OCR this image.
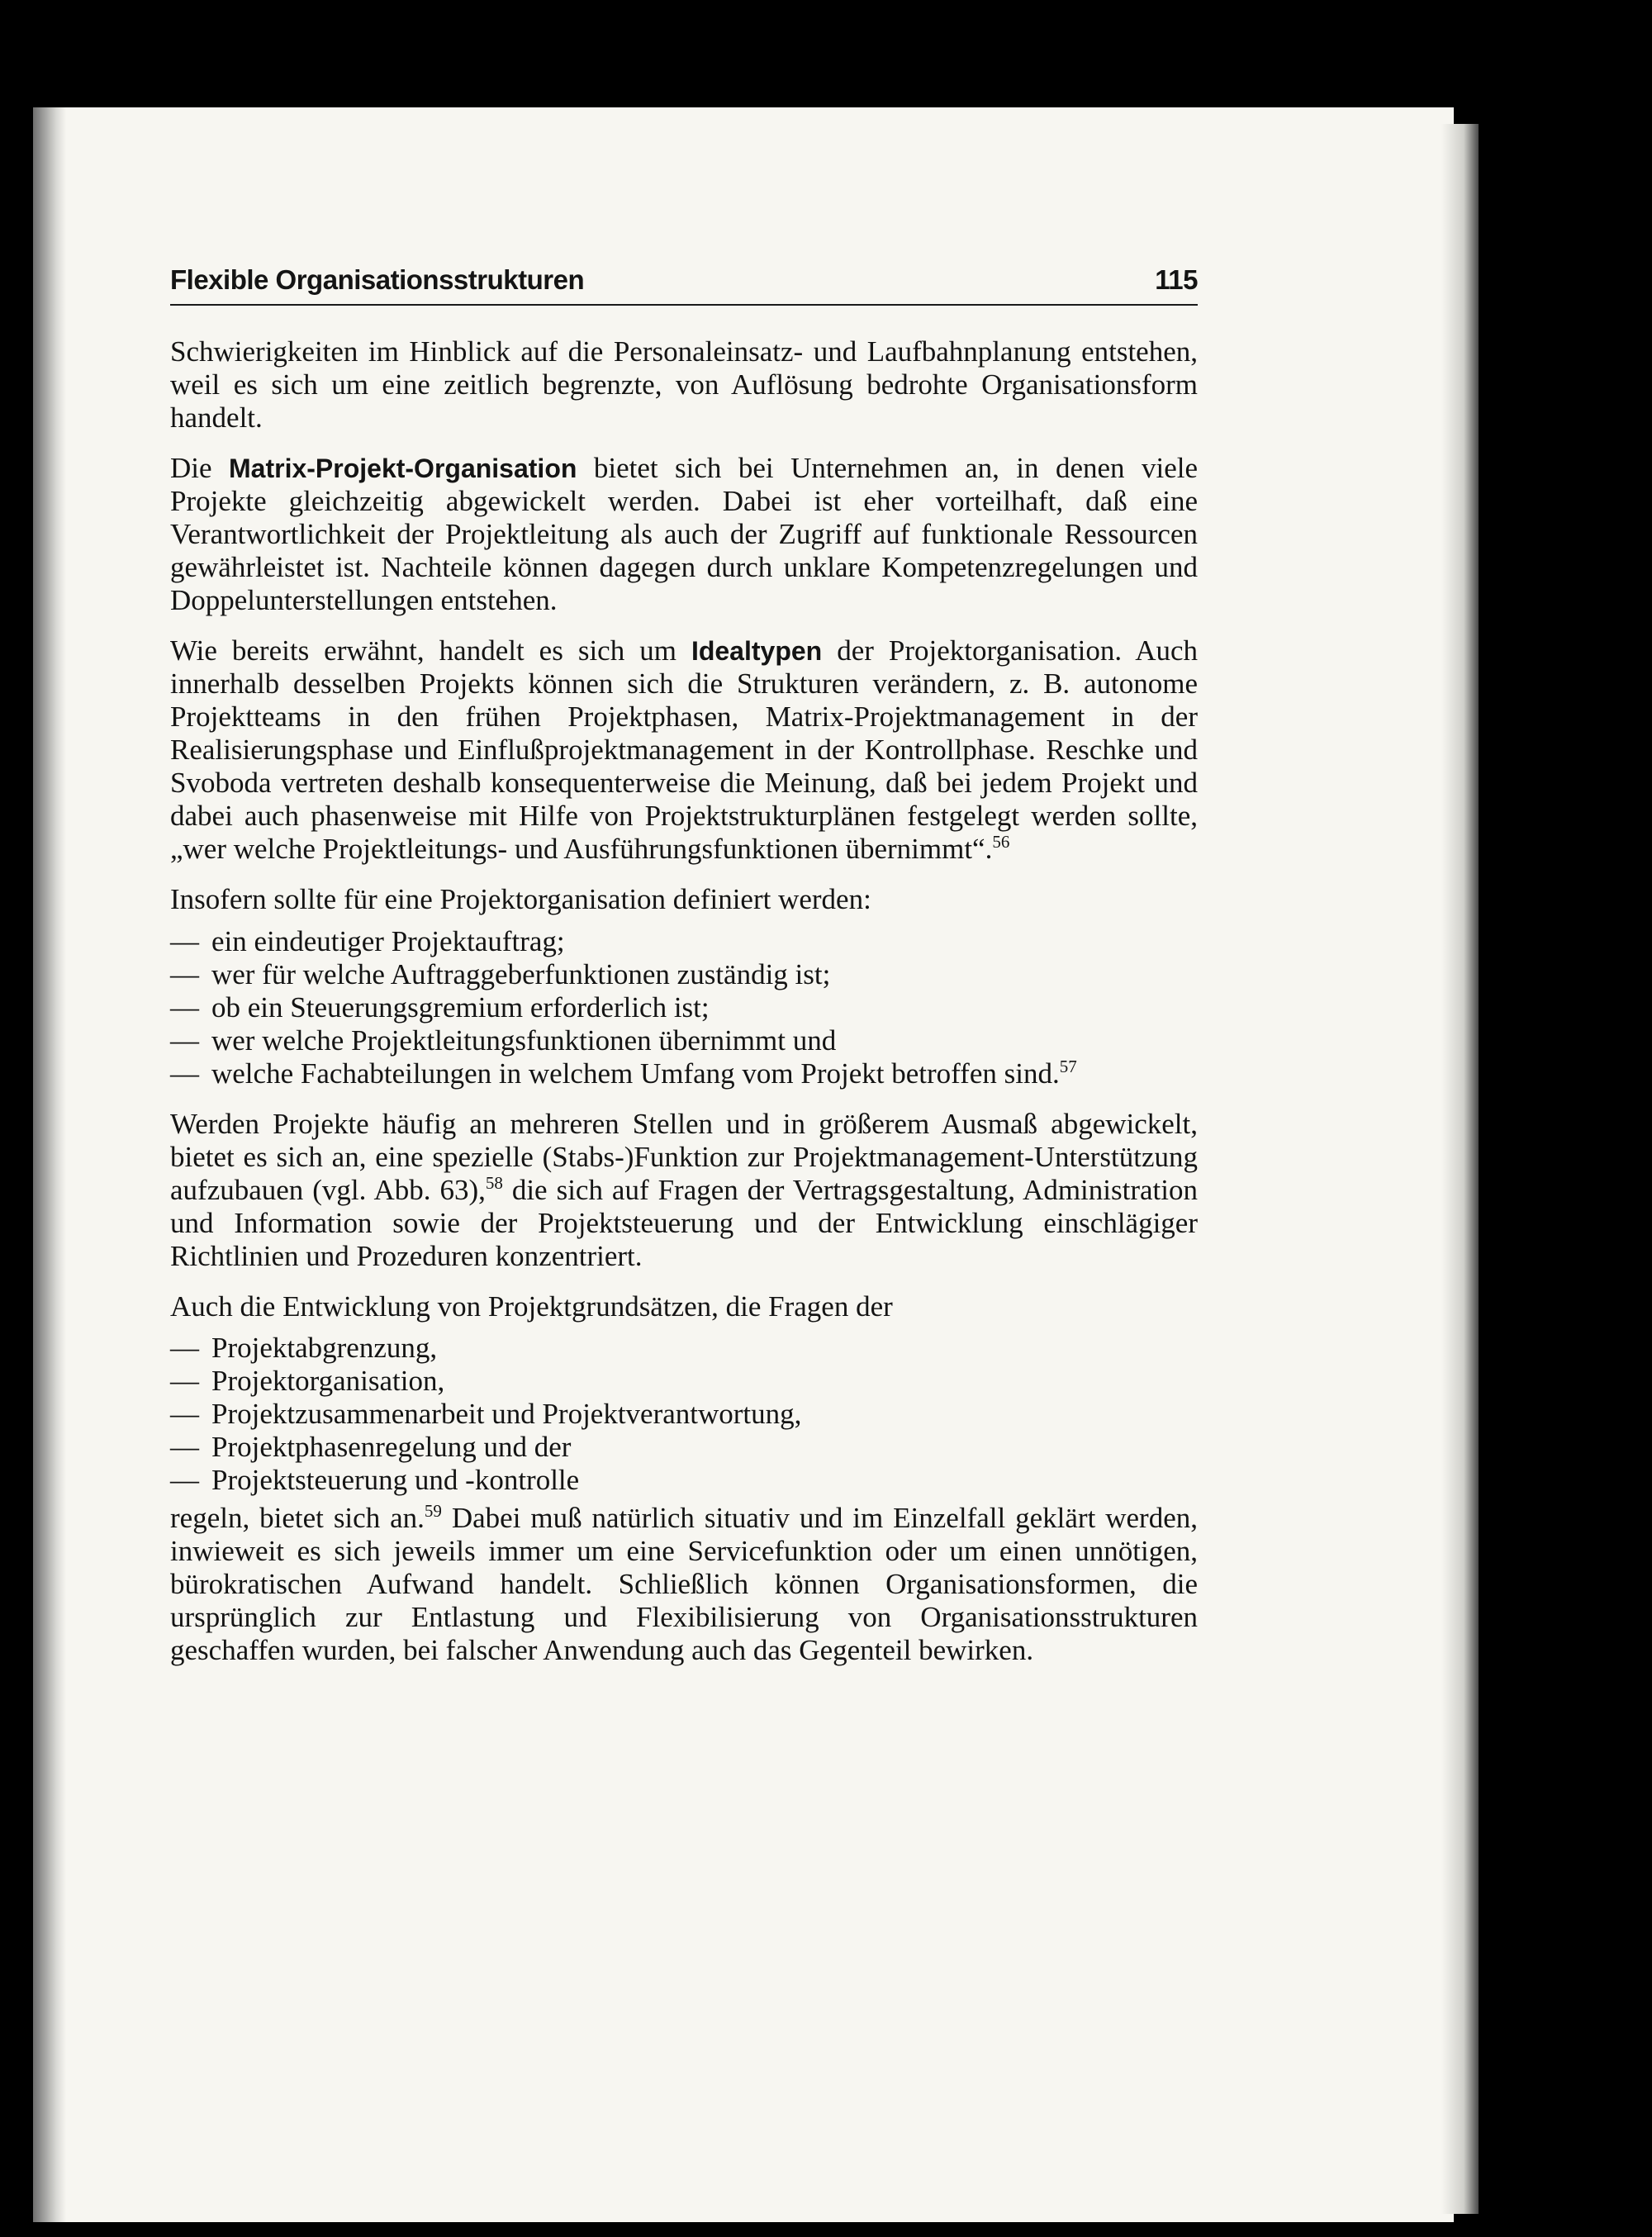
Flexible Organisationsstrukturen	115

Schwierigkeiten im Hinblick auf die Personaleinsatz- und Laufbahnplanung entstehen, weil es sich um eine zeitlich begrenzte, von Auflösung bedrohte Organisationsform handelt.

Die Matrix-Projekt-Organisation bietet sich bei Unternehmen an, in denen viele Projekte gleichzeitig abgewickelt werden. Dabei ist eher vorteilhaft, daß eine Verantwortlichkeit der Projektleitung als auch der Zugriff auf funktionale Ressourcen gewährleistet ist. Nachteile können dagegen durch unklare Kompetenzregelungen und Doppelunterstellungen entstehen.

Wie bereits erwähnt, handelt es sich um Idealtypen der Projektorganisation. Auch innerhalb desselben Projekts können sich die Strukturen verändern, z. B. autonome Projektteams in den frühen Projektphasen, Matrix-Projektmanagement in der Realisierungsphase und Einflußprojektmanagement in der Kontrollphase. Reschke und Svoboda vertreten deshalb konsequenterweise die Meinung, daß bei jedem Projekt und dabei auch phasenweise mit Hilfe von Projektstrukturplänen festgelegt werden sollte, „wer welche Projektleitungs- und Ausführungsfunktionen übernimmt“.$^{56}$

Insofern sollte für eine Projektorganisation definiert werden:

— ein eindeutiger Projektauftrag;
— wer für welche Auftraggeberfunktionen zuständig ist;
— ob ein Steuerungsgremium erforderlich ist;
— wer welche Projektleitungsfunktionen übernimmt und
— welche Fachabteilungen in welchem Umfang vom Projekt betroffen sind.$^{57}$

Werden Projekte häufig an mehreren Stellen und in größerem Ausmaß abgewickelt, bietet es sich an, eine spezielle (Stabs-)Funktion zur Projektmanagement-Unterstützung aufzubauen (vgl. Abb. 63),$^{58}$ die sich auf Fragen der Vertragsgestaltung, Administration und Information sowie der Projektsteuerung und der Entwicklung einschlägiger Richtlinien und Prozeduren konzentriert.

Auch die Entwicklung von Projektgrundsätzen, die Fragen der

— Projektabgrenzung,
— Projektorganisation,
— Projektzusammenarbeit und Projektverantwortung,
— Projektphasenregelung und der
— Projektsteuerung und -kontrolle

regeln, bietet sich an.$^{59}$ Dabei muß natürlich situativ und im Einzelfall geklärt werden, inwieweit es sich jeweils immer um eine Servicefunktion oder um einen unnötigen, bürokratischen Aufwand handelt. Schließlich können Organisationsformen, die ursprünglich zur Entlastung und Flexibilisierung von Organisationsstrukturen geschaffen wurden, bei falscher Anwendung auch das Gegenteil bewirken.
